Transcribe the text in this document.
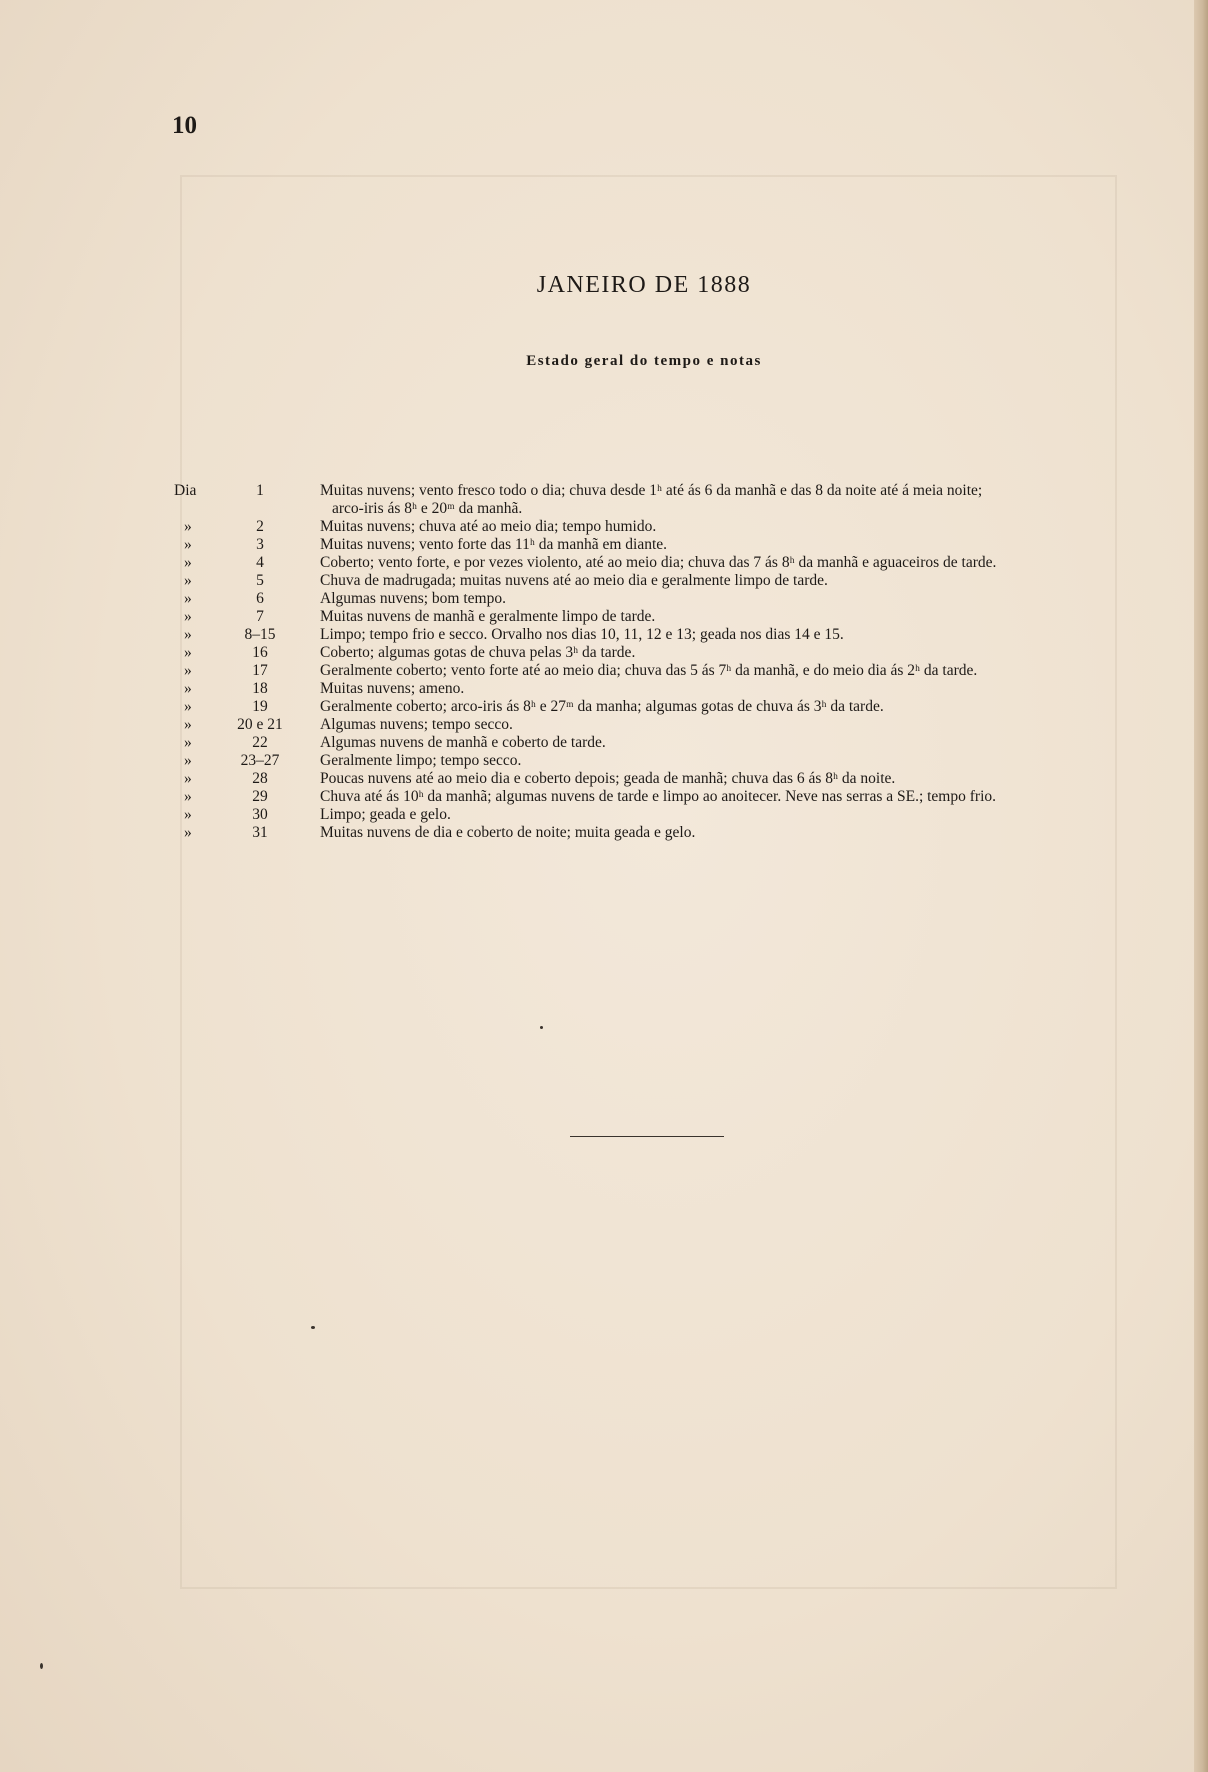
10
JANEIRO DE 1888
Estado geral do tempo e notas
Dia	1	Muitas nuvens; vento fresco todo o dia; chuva desde 1ʰ até ás 6 da manhã e das 8 da noite até á meia noite;
arco-iris ás 8ʰ e 20ᵐ da manhã.
»	2	Muitas nuvens; chuva até ao meio dia; tempo humido.
»	3	Muitas nuvens; vento forte das 11ʰ da manhã em diante.
»	4	Coberto; vento forte, e por vezes violento, até ao meio dia; chuva das 7 ás 8ʰ da manhã e aguaceiros de tarde.
»	5	Chuva de madrugada; muitas nuvens até ao meio dia e geralmente limpo de tarde.
»	6	Algumas nuvens; bom tempo.
»	7	Muitas nuvens de manhã e geralmente limpo de tarde.
»	8–15	Limpo; tempo frio e secco. Orvalho nos dias 10, 11, 12 e 13; geada nos dias 14 e 15.
»	16	Coberto; algumas gotas de chuva pelas 3ʰ da tarde.
»	17	Geralmente coberto; vento forte até ao meio dia; chuva das 5 ás 7ʰ da manhã, e do meio dia ás 2ʰ da tarde.
»	18	Muitas nuvens; ameno.
»	19	Geralmente coberto; arco-iris ás 8ʰ e 27ᵐ da manha; algumas gotas de chuva ás 3ʰ da tarde.
»	20 e 21	Algumas nuvens; tempo secco.
»	22	Algumas nuvens de manhã e coberto de tarde.
»	23–27	Geralmente limpo; tempo secco.
»	28	Poucas nuvens até ao meio dia e coberto depois; geada de manhã; chuva das 6 ás 8ʰ da noite.
»	29	Chuva até ás 10ʰ da manhã; algumas nuvens de tarde e limpo ao anoitecer. Neve nas serras a SE.; tempo frio.
»	30	Limpo; geada e gelo.
»	31	Muitas nuvens de dia e coberto de noite; muita geada e gelo.
